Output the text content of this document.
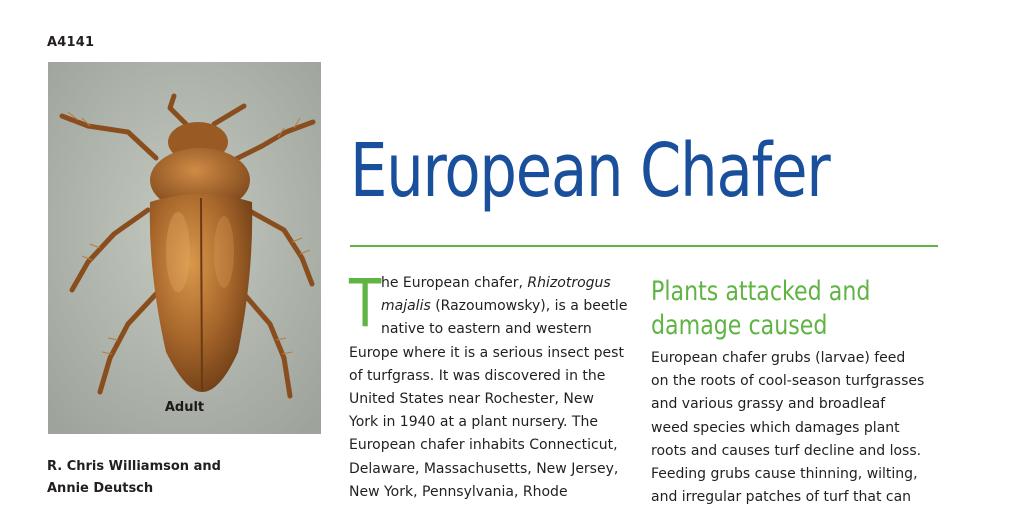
A4141
Adult
R. Chris Williamson and
Annie Deutsch
European Chafer
T he European chafer, Rhizotrogus
majalis (Razoumowsky), is a beetle
native to eastern and western
Europe where it is a serious insect pest
of turfgrass. It was discovered in the
United States near Rochester, New
York in 1940 at a plant nursery. The
European chafer inhabits Connecticut,
Delaware, Massachusetts, New Jersey,
New York, Pennsylvania, Rhode
Plants attacked and
damage caused
European chafer grubs (larvae) feed
on the roots of cool-season turfgrasses
and various grassy and broadleaf
weed species which damages plant
roots and causes turf decline and loss.
Feeding grubs cause thinning, wilting,
and irregular patches of turf that can
